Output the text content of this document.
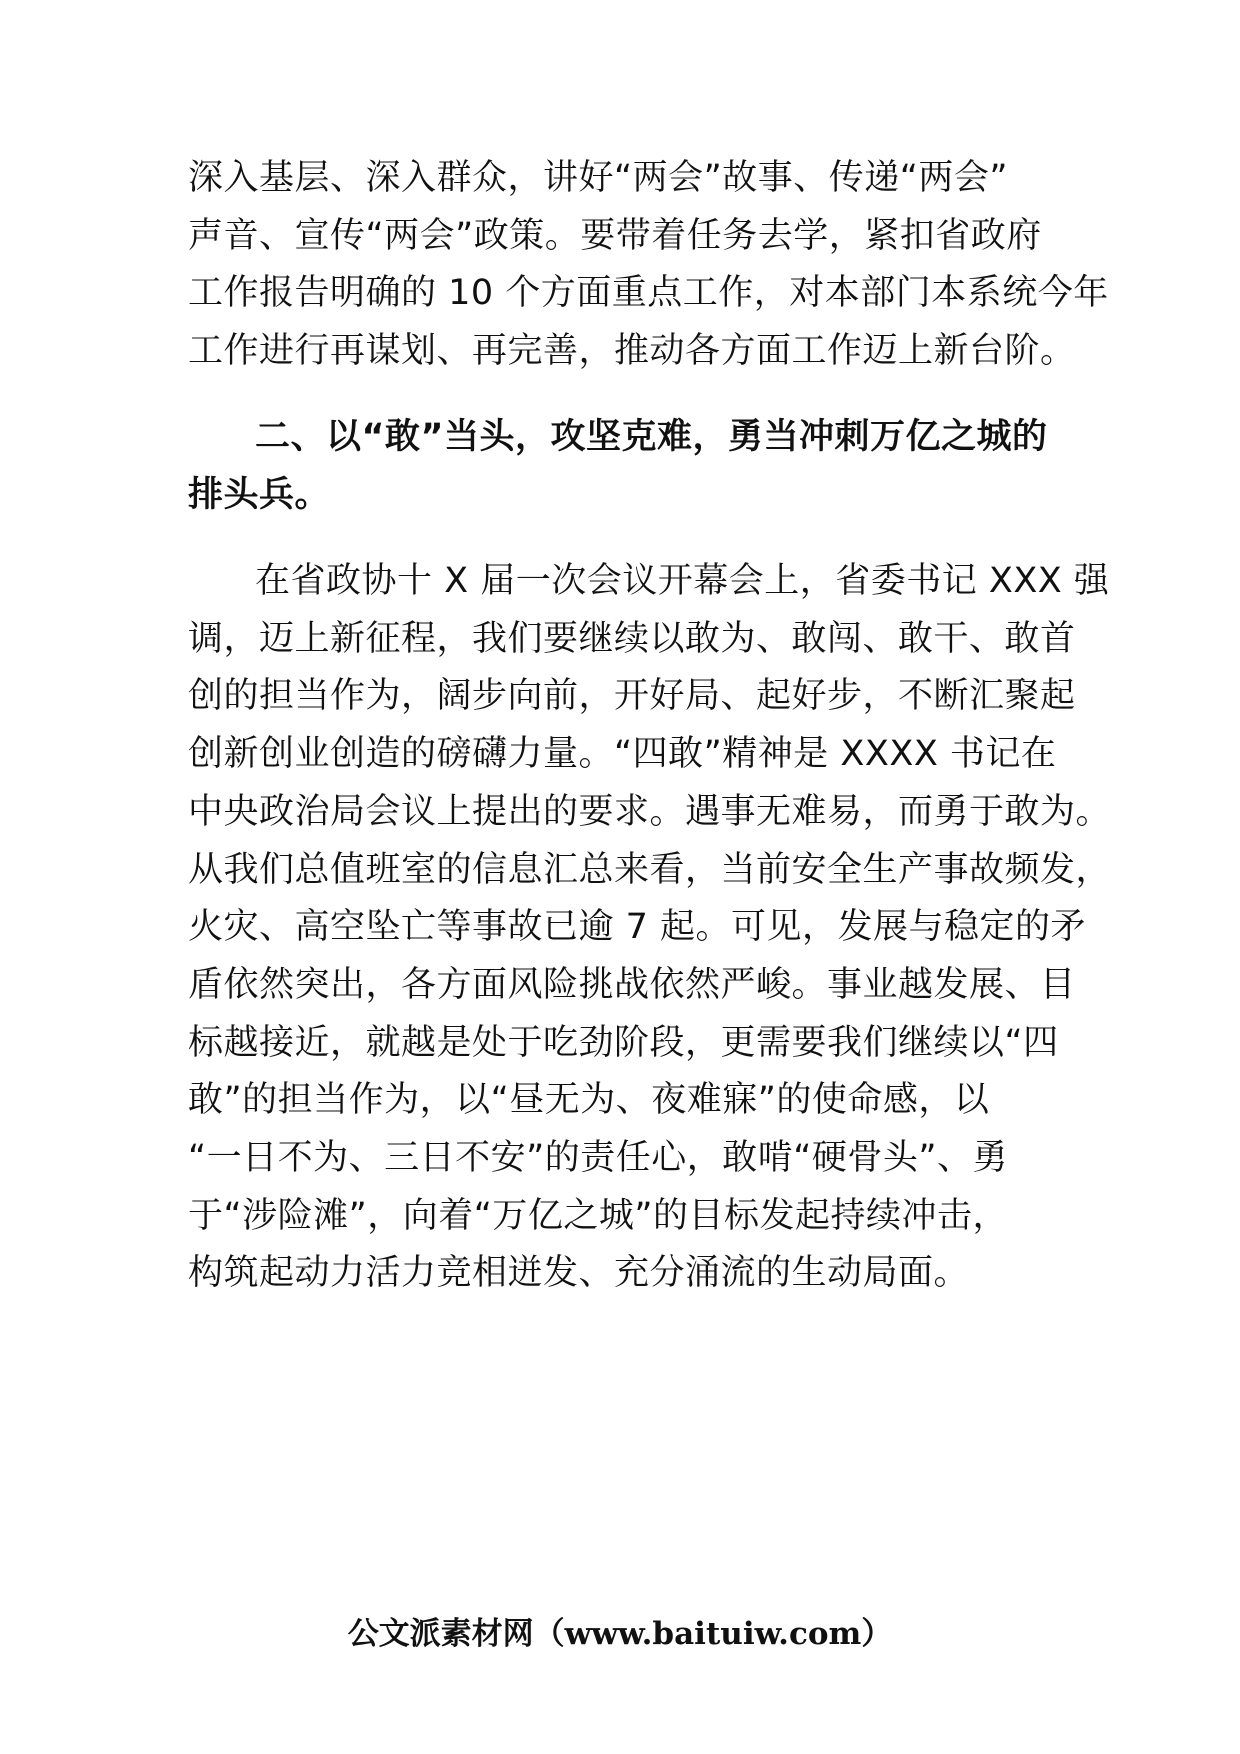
深入基层、深入群众，讲好“两会”故事、传递“两会”
声音、宣传“两会”政策。要带着任务去学，紧扣省政府
工作报告明确的 10 个方面重点工作，对本部门本系统今年
工作进行再谋划、再完善，推动各方面工作迈上新台阶。
二、以“敢”当头，攻坚克难，勇当冲刺万亿之城的
排头兵。
在省政协十 X 届一次会议开幕会上，省委书记 XXX 强
调，迈上新征程，我们要继续以敢为、敢闯、敢干、敢首
创的担当作为，阔步向前，开好局、起好步，不断汇聚起
创新创业创造的磅礴力量。“四敢”精神是 XXXX 书记在
中央政治局会议上提出的要求。遇事无难易，而勇于敢为。
从我们总值班室的信息汇总来看，当前安全生产事故频发，
火灾、高空坠亡等事故已逾 7 起。可见，发展与稳定的矛
盾依然突出，各方面风险挑战依然严峻。事业越发展、目
标越接近，就越是处于吃劲阶段，更需要我们继续以“四
敢”的担当作为，以“昼无为、夜难寐”的使命感，以
“一日不为、三日不安”的责任心，敢啃“硬骨头”、勇
于“涉险滩”，向着“万亿之城”的目标发起持续冲击，
构筑起动力活力竞相迸发、充分涌流的生动局面。
公文派素材网（www.baituiw.com）
